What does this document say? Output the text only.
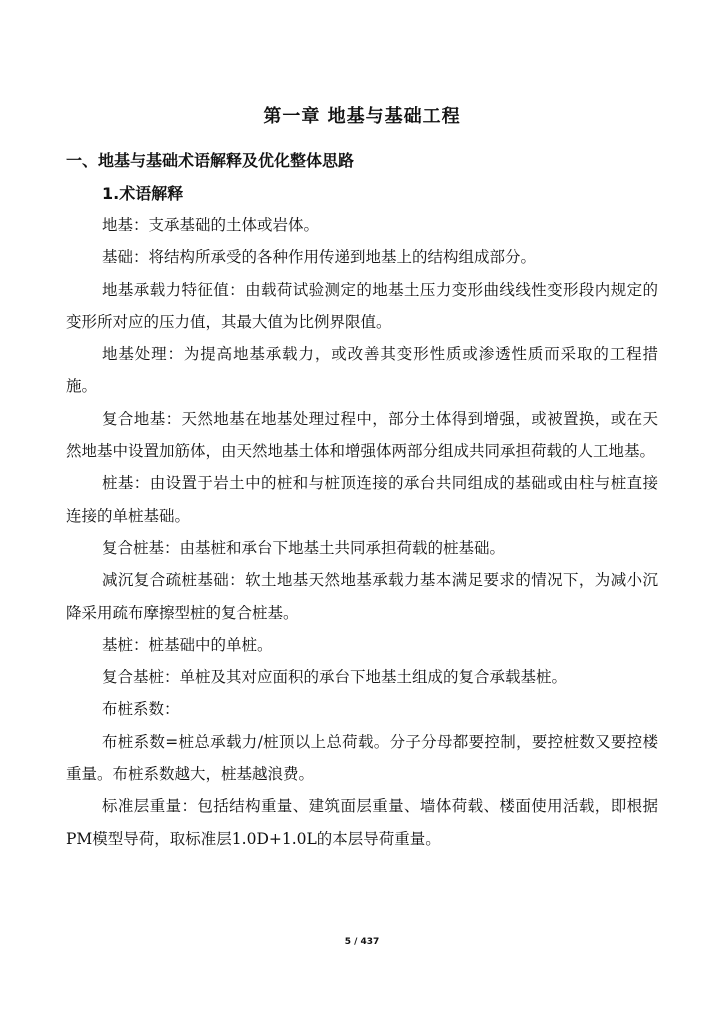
第一章 地基与基础工程
一、地基与基础术语解释及优化整体思路
1.术语解释

地基：支承基础的土体或岩体。

基础：将结构所承受的各种作用传递到地基上的结构组成部分。

地基承载力特征值：由载荷试验测定的地基土压力变形曲线线性变形段内规定的变形所对应的压力值，其最大值为比例界限值。

地基处理：为提高地基承载力，或改善其变形性质或渗透性质而采取的工程措施。

复合地基：天然地基在地基处理过程中，部分土体得到增强，或被置换，或在天然地基中设置加筋体，由天然地基土体和增强体两部分组成共同承担荷载的人工地基。

桩基：由设置于岩土中的桩和与桩顶连接的承台共同组成的基础或由柱与桩直接连接的单桩基础。

复合桩基：由基桩和承台下地基土共同承担荷载的桩基础。

减沉复合疏桩基础：软土地基天然地基承载力基本满足要求的情况下，为减小沉降采用疏布摩擦型桩的复合桩基。

基桩：桩基础中的单桩。

复合基桩：单桩及其对应面积的承台下地基土组成的复合承载基桩。

布桩系数：

布桩系数=桩总承载力/桩顶以上总荷载。分子分母都要控制，要控桩数又要控楼重量。布桩系数越大，桩基越浪费。

标准层重量：包括结构重量、建筑面层重量、墙体荷载、楼面使用活载，即根据PM模型导荷，取标准层1.0D+1.0L的本层导荷重量。

5 / 437
